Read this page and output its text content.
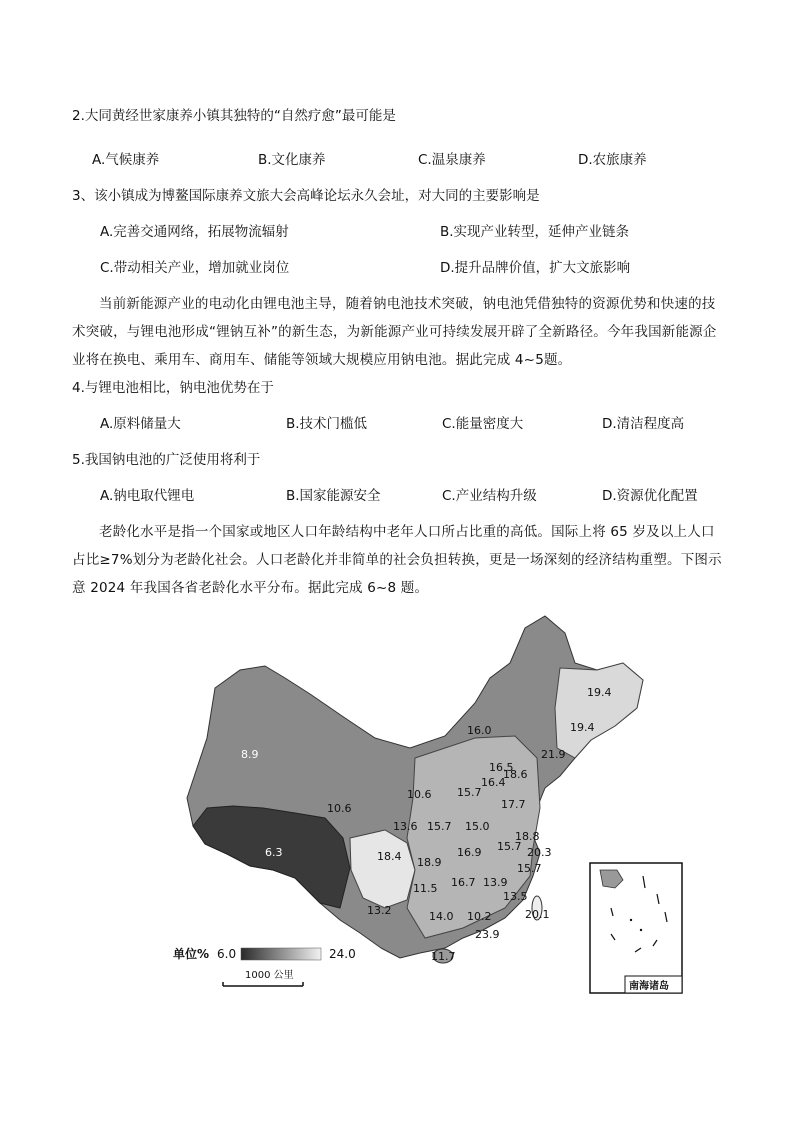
2.大同黄经世家康养小镇其独特的“自然疗愈”最可能是
A.气候康养	B.文化康养	C.温泉康养	D.农旅康养
3、该小镇成为博鳌国际康养文旅大会高峰论坛永久会址，对大同的主要影响是
A.完善交通网络，拓展物流辐射	B.实现产业转型，延伸产业链条
C.带动相关产业，增加就业岗位	D.提升品牌价值，扩大文旅影响
当前新能源产业的电动化由锂电池主导，随着钠电池技术突破，钠电池凭借独特的资源优势和快速的技术突破，与锂电池形成“锂钠互补”的新生态，为新能源产业可持续发展开辟了全新路径。今年我国新能源企业将在换电、乘用车、商用车、储能等领域大规模应用钠电池。据此完成 4~5题。
4.与锂电池相比，钠电池优势在于
A.原料储量大	B.技术门槛低	C.能量密度大	D.清洁程度高
5.我国钠电池的广泛使用将利于
A.钠电取代锂电	B.国家能源安全	C.产业结构升级	D.资源优化配置
老龄化水平是指一个国家或地区人口年龄结构中老年人口所占比重的高低。国际上将 65 岁及以上人口占比≥7%划分为老龄化社会。人口老龄化并非简单的社会负担转换，更是一场深刻的经济结构重塑。下图示意 2024 年我国各省老龄化水平分布。据此完成 6~8 题。
19.4
19.4
16.0
21.9
16.5
16.4
18.6
15.7
17.7
8.9
10.6
10.6
13.6 15.7 15.0
18.8
15.7 20.3
6.3	18.4 18.9
16.9
15.7
11.5 16.7 13.9
13.5
13.2	14.0 10.2	20.1
23.9
11.7
单位% 6.0	24.0
1000 公里
南海诸岛
